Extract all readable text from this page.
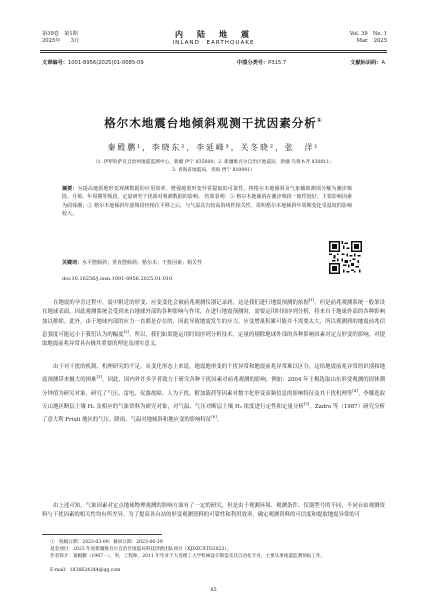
第39卷　第1期
2025年　　3月
内　陆　地　震
INLAND　EARTHQUAKE
Vol. 39　No. 1
Mar.　2025
文章编号：1001-8956(2025)01-0085-09	中图分类号：P315.7	文献标识码：A
格尔木地震台地倾斜观测干扰因素分析①
秦殿鹏¹，李晓东²，李延峰³，关冬晓²，张　洋¹
（1. 伊犁哈萨克自治州地震监测中心，新疆 伊宁 835000；2. 新疆维吾尔自治区地震局，新疆 乌鲁木齐 830011；
3. 青海省地震局，青海 西宁 810001）
摘要：为提高地震地形变观测数据的应用效率，增强地震形变异常提取的可靠性。将格尔木地倾斜及气象辅助测项分解为潮汐频段、月频、年周期等频段，定量研究干扰源对观测数据的影响。 结果表明：① 格尔木地倾斜在潮汐频段一致性较好，主要影响因素为固体潮；② 格尔木地倾斜年波频段经相位平移之后，与气温具有较高的线性相关性，说明格尔木地倾斜年周期变化受温度的影响较大。
关键词：水平摆倾斜；垂直摆倾斜；格尔木；干扰因素；相关性
doi:10.16256/j.issn.1001-8956.2025.01.010

在地震的孕育过程中，震中附近的形变、应变变化会被前兆观测仪器记录到，这是我们进行地震预测的依据[1]。但是前兆观测系统一般架设在地球表面，因此观测系统会受到来自地球外部的各种影响与作用，在进行地震预测时，需要运用时间序列分析，将来自于地球外部的各种影响加以排除。此外，由于地球内部的应力一直都是存在的，因此导致地震发生的应力、应变增量积累可能并不需要太大，所以观测到的地震前兆信息强度可能远小于我们认为的幅度[2]。所以，我们如果能运用时间序列分析技术，定量的剔除地球外部的各种影响因素对定点形变的影响，对提取地震前兆异常具有极其重要的理论及现实意义。

由于对干扰的机制、机理研究的不足，从变化形态上来说，地震地形变的干扰异常和地震前兆异常难以区分，这给地震前兆异常的识别和地震预测带来极大的困难[3]。因此，国内外许多学者致力于研究各种干扰因素对前兆观测的影响，例如：2004 年王梅选取山东形变观测的固体潮分钟值为研究对象，研究了气压、雷电、仪器故障、人为干扰、附加载荷等因素对数字化形变高频信息的影响特征及其干扰机理等[4]。李娜选取天山地区断层土壤 H₂ 及相应的气象资料为研究对象，对气温、气压对断层土壤 H₂ 浓度进行定性和定量分析[5]。Zadro 等（1987）研究分析了意大利 Friuli 地区的气压、降雨、气温对地倾斜和地应变的影响特征[6]。

由上述可知，气象因素对定点地球物理观测的影响方面有了一定的研究，但是由于观测环境、观测条件、仪器型号的不同，不同台站观测资料与干扰因素的相关性均有所差异。为了提高各台站的形变观测资料的可靠性和利用效率，确定观测资料的可信度和提取地震异常的可

①　收稿日期：2023-03-09；修回日期：2023-06-19
基金项目：2023 年度新疆维吾尔自治区地震局科技创新团队项目（XJDZCXTD2023）。
作者简介：秦殿鹏（1987－），男，工程师，2011 年毕业于大连理工大学机械设计制造及其自动化专业，主要从事地震监测预报工作。
E-mail：1836624244@qq.com
85
